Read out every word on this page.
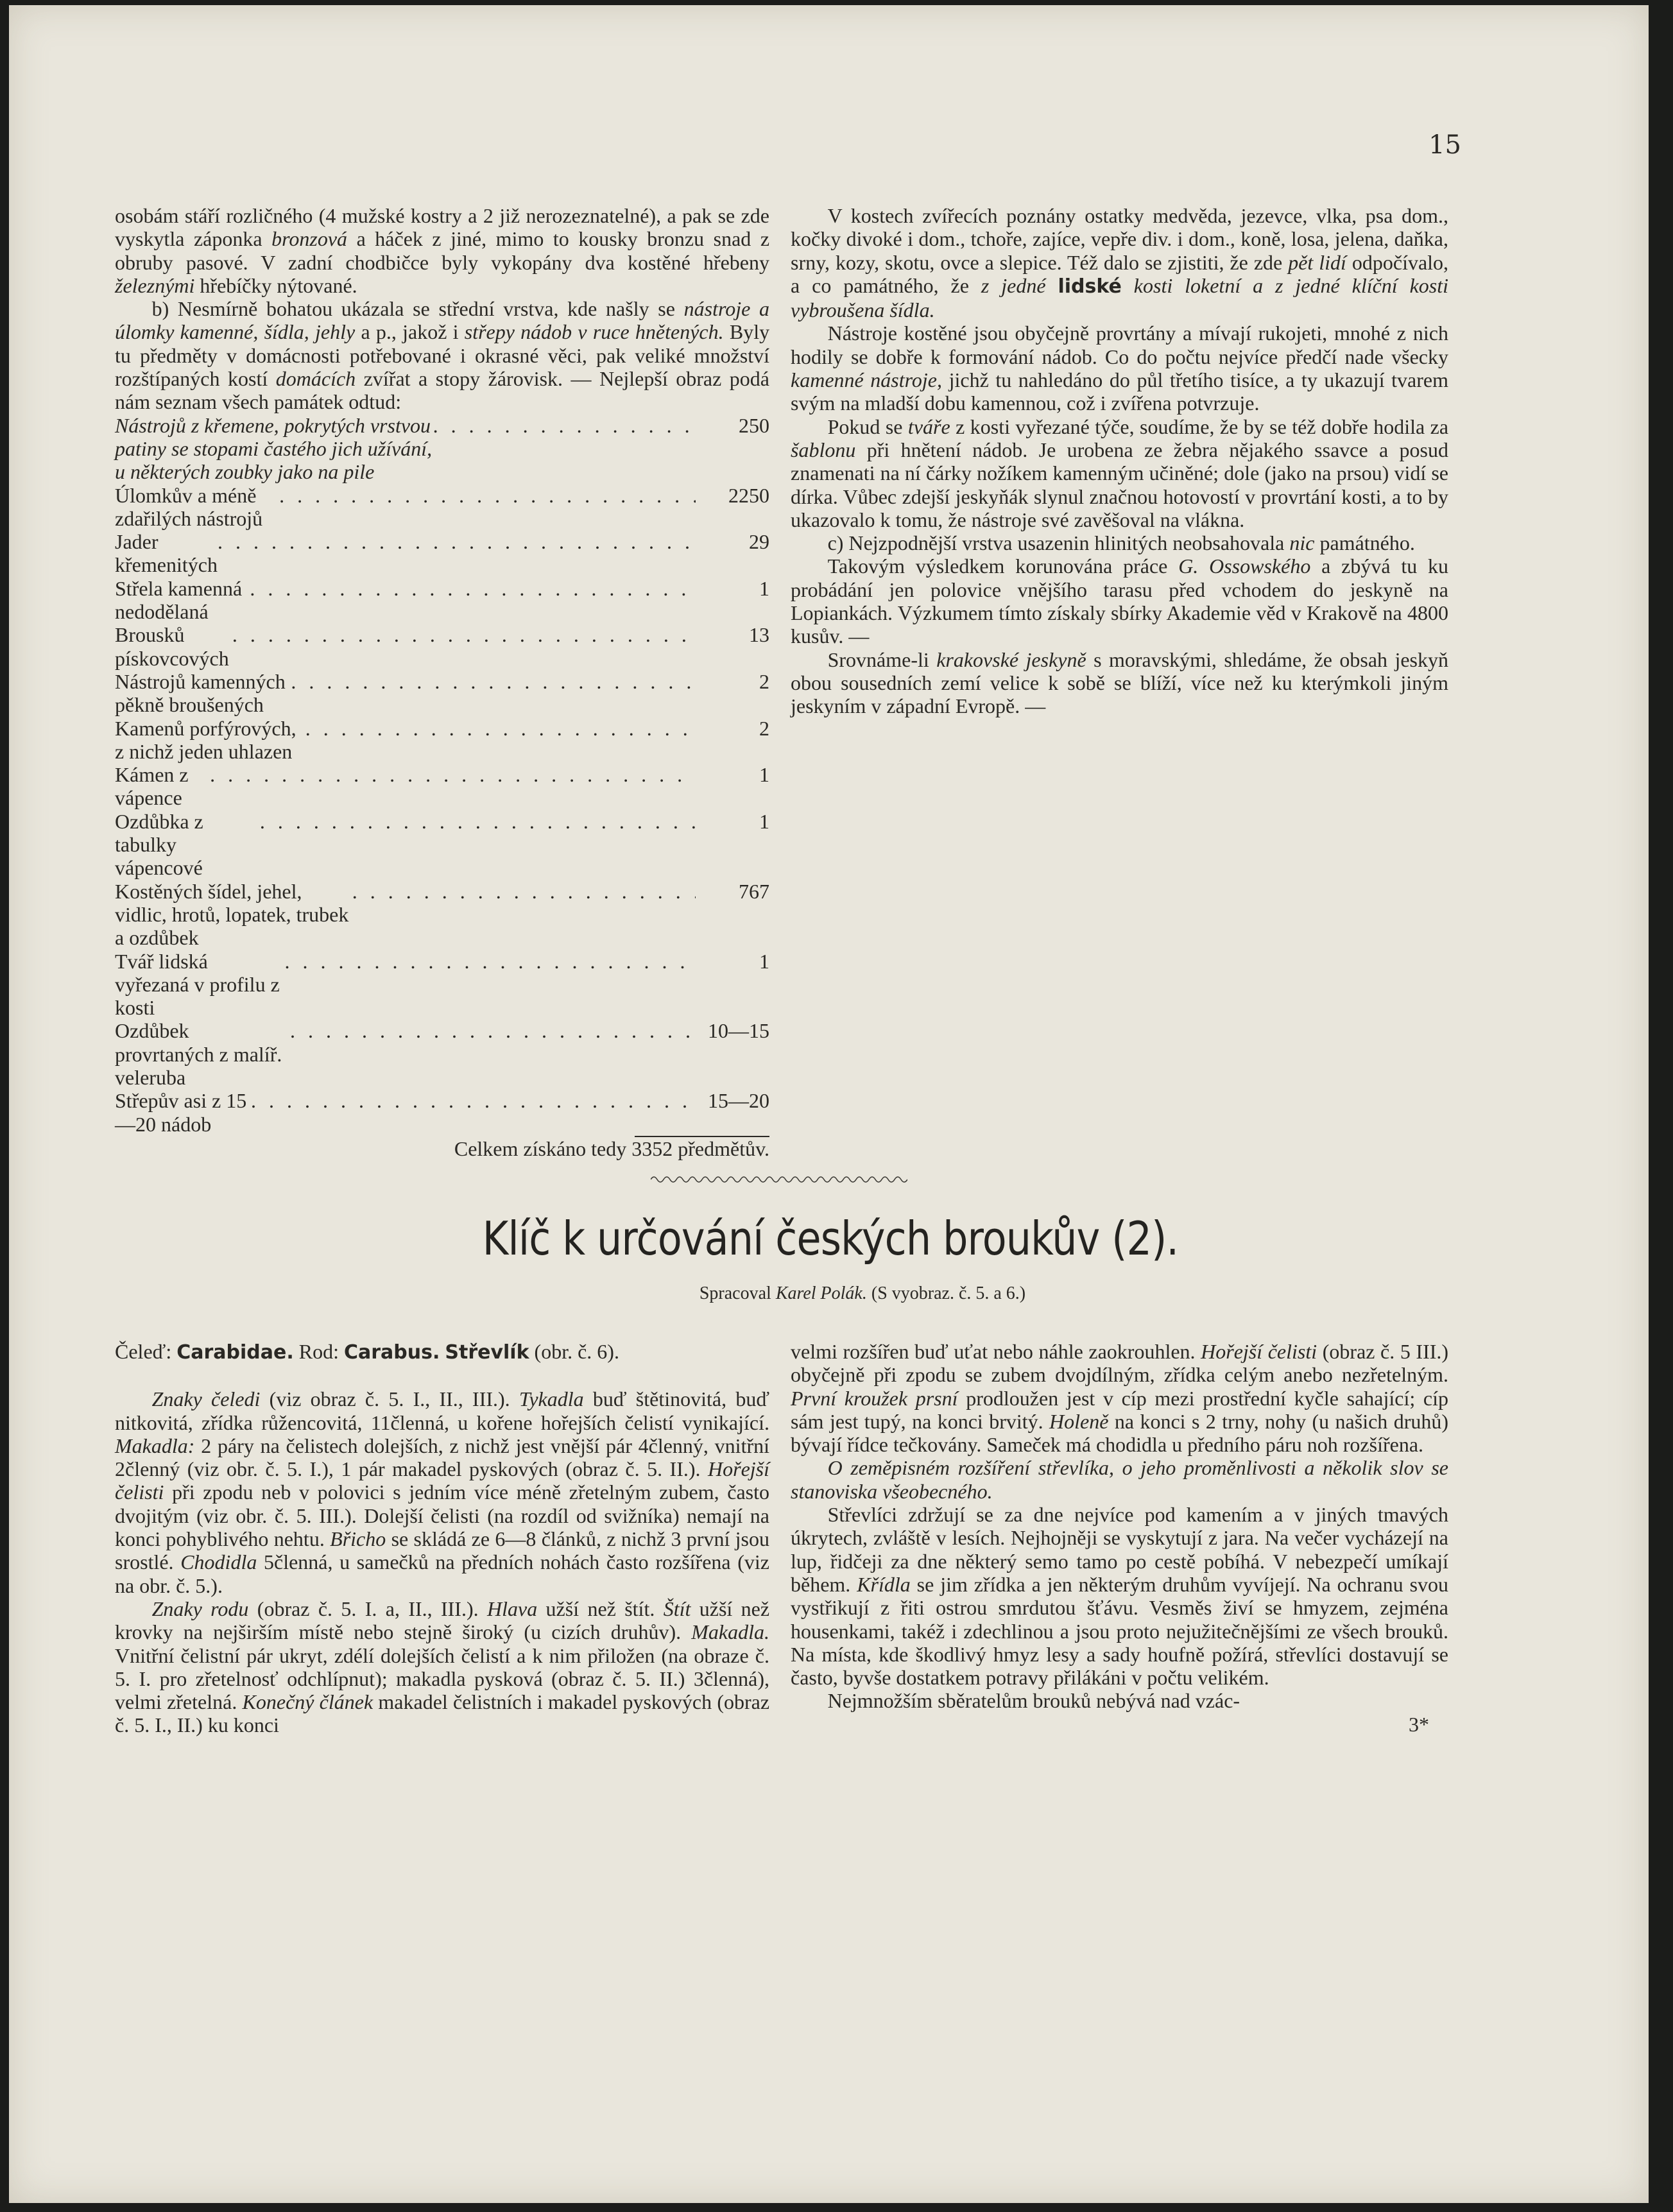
15

osobám stáří rozličného (4 mužské kostry a 2 již nerozeznatelné), a pak se zde vyskytla záponka bronzová a háček z jiné, mimo to kousky bronzu snad z obruby pasové. V zadní chodbičce byly vykopány dva kostěné hřebeny železnými hřebíčky nýtované.

b) Nesmírně bohatou ukázala se střední vrstva, kde našly se nástroje a úlomky kamenné, šídla, jehly a p., jakož i střepy nádob v ruce hnětených. Byly tu předměty v domácnosti potřebované i okrasné věci, pak veliké množství rozštípaných kostí domácích zvířat a stopy žárovisk. — Nejlepší obraz podá nám seznam všech památek odtud:

Nástrojů z křemene, pokrytých vrstvou patiny se stopami častého jich užívání, u některých zoubky jako na pile
. . .
250
Úlomkův a méně zdařilých nástrojů
. . .
2250
Jader křemenitých
. . .
29
Střela kamenná nedodělaná
. . .
1
Brousků pískovcových
. . .
13
Nástrojů kamenných pěkně broušených
. . .
2
Kamenů porfýrových, z nichž jeden uhlazen
. . .
2
Kámen z vápence
. . .
1
Ozdůbka z tabulky vápencové
. . .
1
Kostěných šídel, jehel, vidlic, hrotů, lopatek, trubek a ozdůbek
. . .
767
Tvář lidská vyřezaná v profilu z kosti
. . .
1
Ozdůbek provrtaných z malíř. veleruba
. . .
10—15
Střepův asi z 15—20 nádob
. . .
15—20
Celkem získáno tedy 3352 předmětův.

V kostech zvířecích poznány ostatky medvěda, jezevce, vlka, psa dom., kočky divoké i dom., tchoře, zajíce, vepře div. i dom., koně, losa, jelena, daňka, srny, kozy, skotu, ovce a slepice. Též dalo se zjistiti, že zde pět lidí odpočívalo, a co památného, že z jedné lidské kosti loketní a z jedné klíční kosti vybroušena šídla.

Nástroje kostěné jsou obyčejně provrtány a mívají rukojeti, mnohé z nich hodily se dobře k formování nádob. Co do počtu nejvíce předčí nade všecky kamenné nástroje, jichž tu nahledáno do půl třetího tisíce, a ty ukazují tvarem svým na mladší dobu kamennou, což i zvířena potvrzuje.

Pokud se tvářе z kosti vyřezané týče, soudíme, že by se též dobře hodila za šablonu při hnětení nádob. Je urobena ze žebra nějakého ssavce a posud znamenati na ní čárky nožíkem kamenným učiněné; dole (jako na prsou) vidí se dírka. Vůbec zdejší jeskyňák slynul značnou hotovostí v provrtání kosti, a to by ukazovalo k tomu, že nástroje své zavěšoval na vlákna.

c) Nejzpodnější vrstva usazenin hlinitých neobsahovala nic památného.

Takovým výsledkem korunována práce G. Ossowského a zbývá tu ku probádání jen polovice vnějšího tarasu před vchodem do jeskyně na Lopiankách. Výzkumem tímto získaly sbírky Akademie věd v Krakově na 4800 kusův. —

Srovnáme-li krakovské jeskyně s moravskými, shledáme, že obsah jeskyň obou sousedních zemí velice k sobě se blíží, více než ku kterýmkoli jiným jeskyním v západní Evropě. —

Klíč k určování českých broukův (2).
Spracoval Karel Polák. (S vyobraz. č. 5. a 6.)

Čeleď: Carabidae. Rod: Carabus. Střevlík (obr. č. 6).

Znaky čeledi (viz obraz č. 5. I., II., III.). Tykadla buď štětinovitá, buď nitkovitá, zřídka růžencovitá, 11členná, u kořene hořejších čelistí vynikající. Makadla: 2 páry na čelistech dolejších, z nichž jest vnější pár 4členný, vnitřní 2členný (viz obr. č. 5. I.), 1 pár makadel pyskových (obraz č. 5. II.). Hořejší čelisti při zpodu neb v polovici s jedním více méně zřetelným zubem, často dvojitým (viz obr. č. 5. III.). Dolejší čelisti (na rozdíl od svižníka) nemají na konci pohyblivého nehtu. Břicho se skládá ze 6—8 článků, z nichž 3 první jsou srostlé. Chodidla 5členná, u samečků na předních nohách často rozšířena (viz na obr. č. 5.).

Znaky rodu (obraz č. 5. I. a, II., III.). Hlava užší než štít. Štít užší než krovky na nejširším místě nebo stejně široký (u cizích druhův). Makadla. Vnitřní čelistní pár ukryt, zdélí dolejších čelistí a k nim přiložen (na obraze č. 5. I. pro zřetelnosť odchlípnut); makadla pysková (obraz č. 5. II.) 3členná), velmi zřetelná. Konečný článek makadel čelistních i makadel pyskových (obraz č. 5. I., II.) ku konci

velmi rozšířen buď uťat nebo náhle zaokrouhlen. Hořejší čelisti (obraz č. 5 III.) obyčejně při zpodu se zubem dvojdílným, zřídka celým anebo nezřetelným. První kroužek prsní prodloužen jest v cíp mezi prostřední kyčle sahající; cíp sám jest tupý, na konci brvitý. Holeně na konci s 2 trny, nohy (u našich druhů) bývají řídce tečkovány. Sameček má chodidla u předního páru noh rozšířena.

O zeměpisném rozšíření střevlíka, o jeho proměnlivosti a několik slov se stanoviska všeobecného.

Střevlíci zdržují se za dne nejvíce pod kamením a v jiných tmavých úkrytech, zvláště v lesích. Nejhojněji se vyskytují z jara. Na večer vycházejí na lup, řidčeji za dne některý semo tamo po cestě pobíhá. V nebezpečí umíkají během. Křídla se jim zřídka a jen některým druhům vyvíjejí. Na ochranu svou vystřikují z řiti ostrou smrdutou šťávu. Vesměs živí se hmyzem, zejména housenkami, takéž i zdechlinou a jsou proto nejužitečnějšími ze všech brouků. Na místa, kde škodlivý hmyz lesy a sady houfně požírá, střevlíci dostavují se často, byvše dostatkem potravy přilákáni v počtu velikém.

Nejmnožším sběratelům brouků nebývá nad vzác-

3*
